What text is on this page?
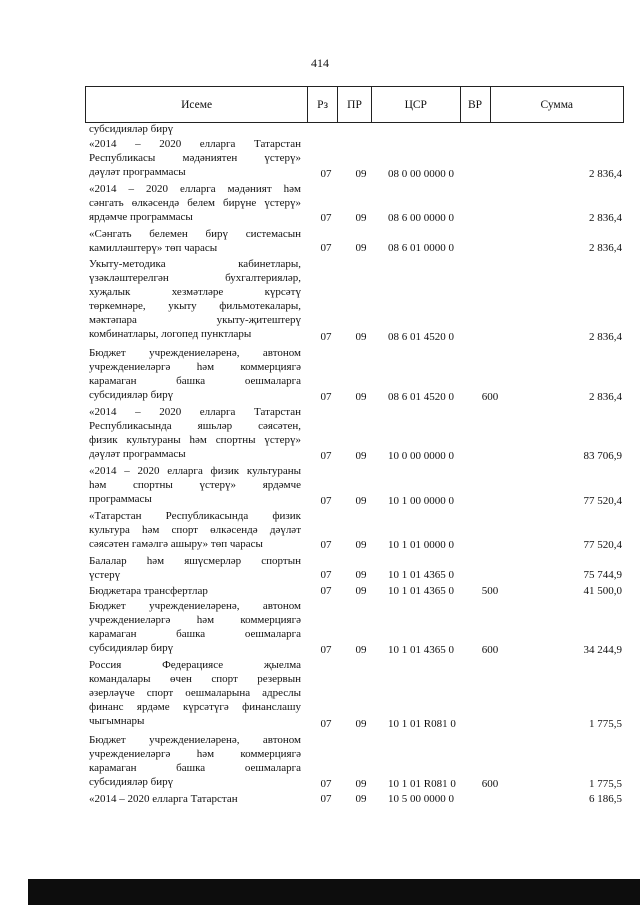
414
Исеме	Рз	ПР	ЦСР	ВР	Сумма
субсидияләр бирү
«2014 – 2020 елларга Татарстан
Республикасы мәдәниятен үстерү»
дәүләт программасы	07 09 08 0 00 0000 0	2 836,4
«2014 – 2020 елларга мәдәният һәм
сәнгать өлкәсендә белем бирүне үстерү»
ярдәмче программасы	07 09 08 6 00 0000 0	2 836,4
«Сәнгать белемен бирү системасын
камилләштерү» төп чарасы	07 09 08 6 01 0000 0	2 836,4
Укыту-методика кабинетлары,
үзәкләштерелгән бухгалтерияләр,
хуҗалык хезмәтләре күрсәтү
төркемнәре, укыту фильмотекалары,
мәктәпара укыту-җитештерү
комбинатлары, логопед пунктлары	07 09 08 6 01 4520 0	2 836,4
Бюджет учреждениеләренә, автоном
учреждениеләргә һәм коммерциягә
карамаган башка оешмаларга
субсидияләр бирү	07 09 08 6 01 4520 0	600	2 836,4
«2014 – 2020 елларга Татарстан
Республикасында яшьләр сәясәтен,
физик культураны һәм спортны үстерү»
дәүләт программасы	07 09 10 0 00 0000 0	83 706,9
«2014 – 2020 елларга физик культураны
һәм спортны үстерү» ярдәмче
программасы	07 09 10 1 00 0000 0	77 520,4
«Татарстан Республикасында физик
культура һәм спорт өлкәсендә дәүләт
сәясәтен гамәлгә ашыру» төп чарасы	07 09 10 1 01 0000 0	77 520,4
Балалар һәм яшүсмерләр спортын
үстерү	07 09 10 1 01 4365 0	75 744,9
Бюджетара трансфертлар	07 09 10 1 01 4365 0	500	41 500,0
Бюджет учреждениеләренә, автоном
учреждениеләргә һәм коммерциягә
карамаган башка оешмаларга
субсидияләр бирү	07 09 10 1 01 4365 0	600	34 244,9
Россия Федерациясе җыелма
командалары өчен спорт резервын
әзерләүче спорт оешмаларына адреслы
финанс ярдәме күрсәтүгә финанслашу
чыгымнары	07 09 10 1 01 R081 0	1 775,5
Бюджет учреждениеләренә, автоном
учреждениеләргә һәм коммерциягә
карамаган башка оешмаларга
субсидияләр бирү	07 09 10 1 01 R081 0	600	1 775,5
«2014 – 2020 елларга Татарстан	07 09 10 5 00 0000 0	6 186,5
